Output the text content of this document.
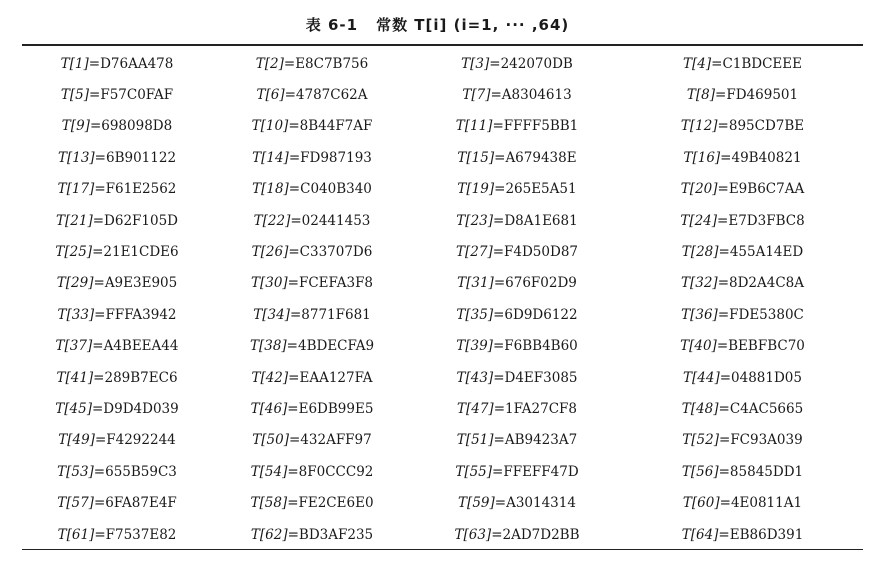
表 6-1 常数 T[i] (i=1, ··· ,64)
T[1] = D76AA478	T[2] = E8C7B756	T[3] = 242070DB	T[4] = C1BDCEEE
T[5] = F57C0FAF	T[6] = 4787C62A	T[7] = A8304613	T[8] = FD469501
T[9] = 698098D8	T[10] = 8B44F7AF	T[11] = FFFF5BB1	T[12] = 895CD7BE
T[13] = 6B901122	T[14] = FD987193	T[15] = A679438E	T[16] = 49B40821
T[17] = F61E2562	T[18] = C040B340	T[19] = 265E5A51	T[20] = E9B6C7AA
T[21] = D62F105D	T[22] = 02441453	T[23] = D8A1E681	T[24] = E7D3FBC8
T[25] = 21E1CDE6	T[26] = C33707D6	T[27] = F4D50D87	T[28] = 455A14ED
T[29] = A9E3E905	T[30] = FCEFA3F8	T[31] = 676F02D9	T[32] = 8D2A4C8A
T[33] = FFFA3942	T[34] = 8771F681	T[35] = 6D9D6122	T[36] = FDE5380C
T[37] = A4BEEA44	T[38] = 4BDECFA9	T[39] = F6BB4B60	T[40] = BEBFBC70
T[41] = 289B7EC6	T[42] = EAA127FA	T[43] = D4EF3085	T[44] = 04881D05
T[45] = D9D4D039	T[46] = E6DB99E5	T[47] = 1FA27CF8	T[48] = C4AC5665
T[49] = F4292244	T[50] = 432AFF97	T[51] = AB9423A7	T[52] = FC93A039
T[53] = 655B59C3	T[54] = 8F0CCC92	T[55] = FFEFF47D	T[56] = 85845DD1
T[57] = 6FA87E4F	T[58] = FE2CE6E0	T[59] = A3014314	T[60] = 4E0811A1
T[61] = F7537E82	T[62] = BD3AF235	T[63] = 2AD7D2BB	T[64] = EB86D391
